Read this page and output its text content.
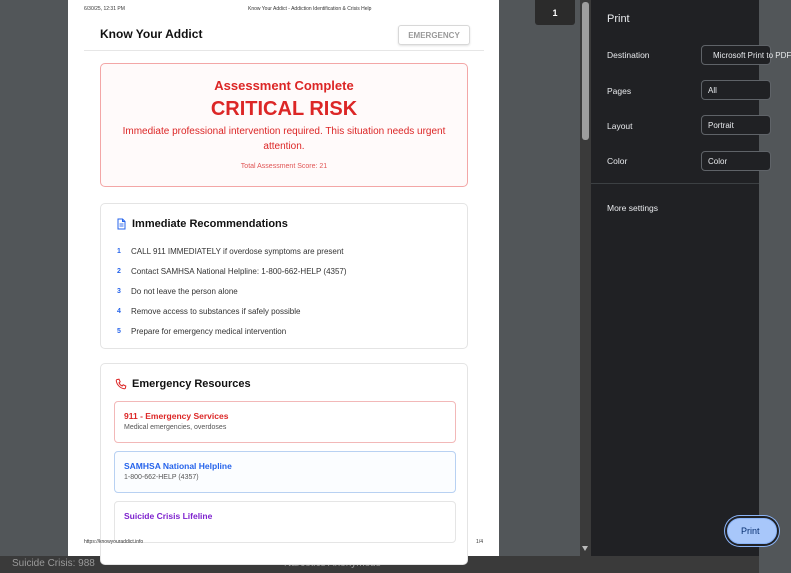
Suicide Crisis: 988
6/30/25, 12:31 PM	Know Your Addict - Addiction Identification & Crisis Help
Know Your Addict	EMERGENCY
Assessment Complete
CRITICAL RISK
Immediate professional intervention required. This situation needs urgent attention.
Total Assessment Score: 21
Immediate Recommendations
1	CALL 911 IMMEDIATELY if overdose symptoms are present
2	Contact SAMHSA National Helpline: 1-800-662-HELP (4357)
3	Do not leave the person alone
4	Remove access to substances if safely possible
5	Prepare for emergency medical intervention
Emergency Resources
911 - Emergency Services
Medical emergencies, overdoses
SAMHSA National Helpline
1-800-662-HELP (4357)
Suicide Crisis Lifeline
https://knowyouraddict.info	1/4
1
Print
Destination	Microsoft Print to PDF
Pages	All
Layout	Portrait
Color	Color
More settings
Print
